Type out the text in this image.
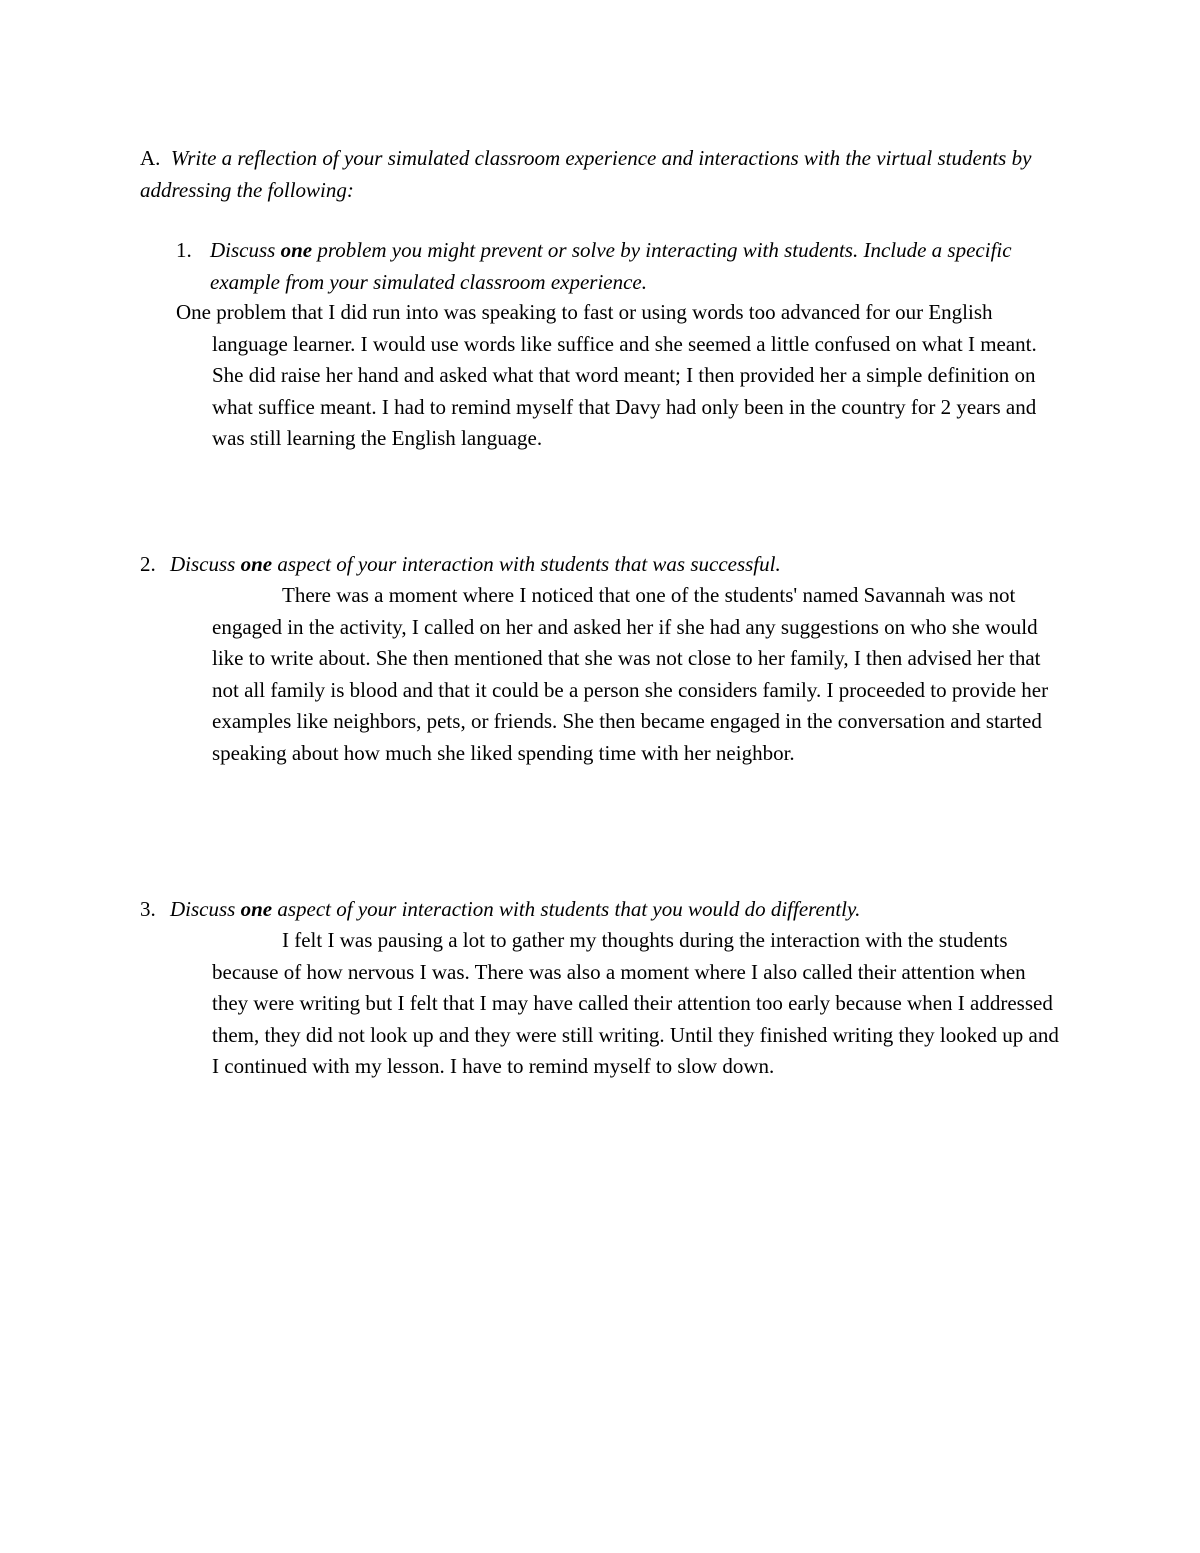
A. Write a reflection of your simulated classroom experience and interactions with the virtual students by addressing the following:
1. Discuss one problem you might prevent or solve by interacting with students. Include a specific example from your simulated classroom experience.
One problem that I did run into was speaking to fast or using words too advanced for our English language learner. I would use words like suffice and she seemed a little confused on what I meant. She did raise her hand and asked what that word meant; I then provided her a simple definition on what suffice meant. I had to remind myself that Davy had only been in the country for 2 years and was still learning the English language.
2. Discuss one aspect of your interaction with students that was successful.
There was a moment where I noticed that one of the students' named Savannah was not engaged in the activity, I called on her and asked her if she had any suggestions on who she would like to write about. She then mentioned that she was not close to her family, I then advised her that not all family is blood and that it could be a person she considers family. I proceeded to provide her examples like neighbors, pets, or friends. She then became engaged in the conversation and started speaking about how much she liked spending time with her neighbor.
3. Discuss one aspect of your interaction with students that you would do differently.
I felt I was pausing a lot to gather my thoughts during the interaction with the students because of how nervous I was. There was also a moment where I also called their attention when they were writing but I felt that I may have called their attention too early because when I addressed them, they did not look up and they were still writing. Until they finished writing they looked up and I continued with my lesson. I have to remind myself to slow down.
